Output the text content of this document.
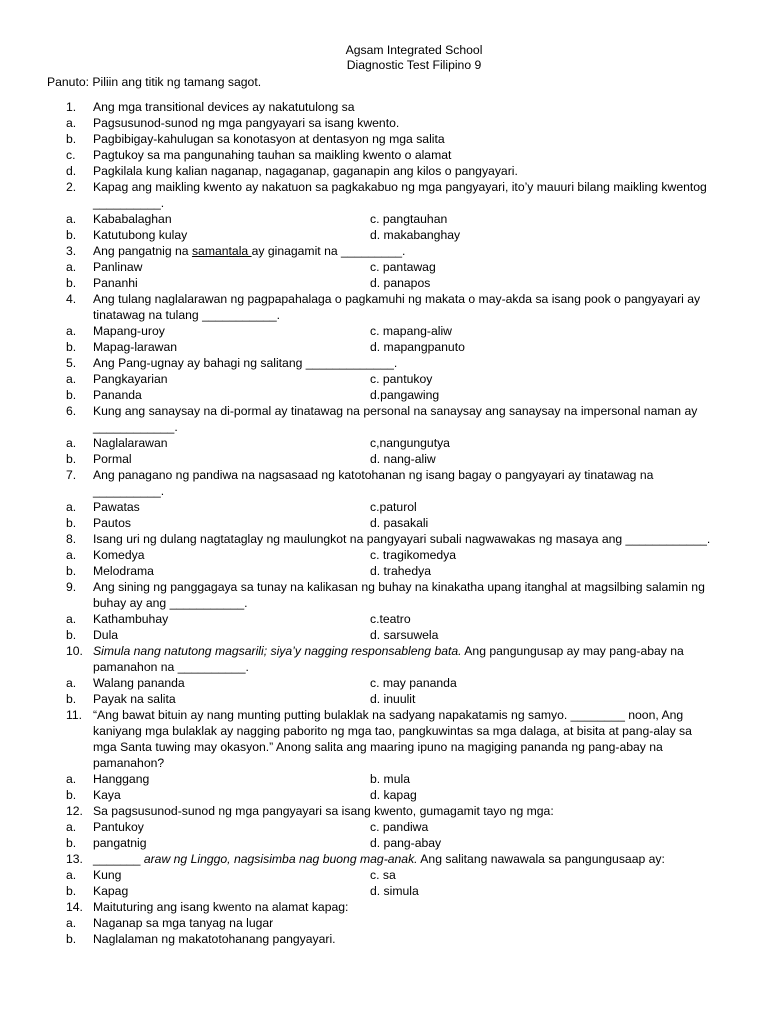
Agsam Integrated School
Diagnostic Test Filipino 9
Panuto: Piliin ang titik ng tamang sagot.
1.	Ang mga transitional devices ay nakatutulong sa
a.	Pagsusunod-sunod ng mga pangyayari sa isang kwento.
b.	Pagbibigay-kahulugan sa konotasyon at dentasyon ng mga salita
c.	Pagtukoy sa ma pangunahing tauhan sa maikling kwento o alamat
d.	Pagkilala kung kalian naganap, nagaganap, gaganapin ang kilos o pangyayari.
2.	Kapag ang maikling kwento ay nakatuon sa pagkakabuo ng mga pangyayari, ito’y mauuri bilang maikling kwentog __________.
a.	Kababalaghan	c. pangtauhan
b.	Katutubong kulay	d. makabanghay
3.	Ang pangatnig na samantala ay ginagamit na _________.
a.	Panlinaw	c. pantawag
b.	Pananhi	d. panapos
4.	Ang tulang naglalarawan ng pagpapahalaga o pagkamuhi ng makata o may-akda sa isang pook o pangyayari ay tinatawag na tulang ___________.
a.	Mapang-uroy	c. mapang-aliw
b.	Mapag-larawan	d. mapangpanuto
5.	Ang Pang-ugnay ay bahagi ng salitang _____________.
a.	Pangkayarian	c. pantukoy
b.	Pananda	d.pangawing
6.	Kung ang sanaysay na di-pormal ay tinatawag na personal na sanaysay ang sanaysay na impersonal naman ay ____________.
a.	Naglalarawan	c,nangungutya
b.	Pormal	d. nang-aliw
7.	Ang panagano ng pandiwa na nagsasaad ng katotohanan ng isang bagay o pangyayari ay tinatawag na __________.
a.	Pawatas	c.paturol
b.	Pautos	d. pasakali
8.	Isang uri ng dulang nagtataglay ng maulungkot na pangyayari subali nagwawakas ng masaya ang ____________.
a.	Komedya	c. tragikomedya
b.	Melodrama	d. trahedya
9.	Ang sining ng panggagaya sa tunay na kalikasan ng buhay na kinakatha upang itanghal at magsilbing salamin ng buhay ay ang ___________.
a.	Kathambuhay	c.teatro
b.	Dula	d. sarsuwela
10. Simula nang natutong magsarili; siya’y nagging responsableng bata. Ang pangungusap ay may pang-abay na pamanahon na __________.
a.	Walang pananda	c. may pananda
b.	Payak na salita	d. inuulit
11. “Ang bawat bituin ay nang munting putting bulaklak na sadyang napakatamis ng samyo. ________ noon, Ang kaniyang mga bulaklak ay nagging paborito ng mga tao, pangkuwintas sa mga dalaga, at bisita at pang-alay sa mga Santa tuwing may okasyon.” Anong salita ang maaring ipuno na magiging pananda ng pang-abay na pamanahon?
a.	Hanggang	b. mula
b.	Kaya	d. kapag
12. Sa pagsusunod-sunod ng mga pangyayari sa isang kwento, gumagamit tayo ng mga:
a.	Pantukoy	c. pandiwa
b.	pangatnig	d. pang-abay
13. _______ araw ng Linggo, nagsisimba nag buong mag-anak. Ang salitang nawawala sa pangungusaap ay:
a.	Kung	c. sa
b.	Kapag	d. simula
14. Maituturing ang isang kwento na alamat kapag:
a.	Naganap sa mga tanyag na lugar
b.	Naglalaman ng makatotohanang pangyayari.
